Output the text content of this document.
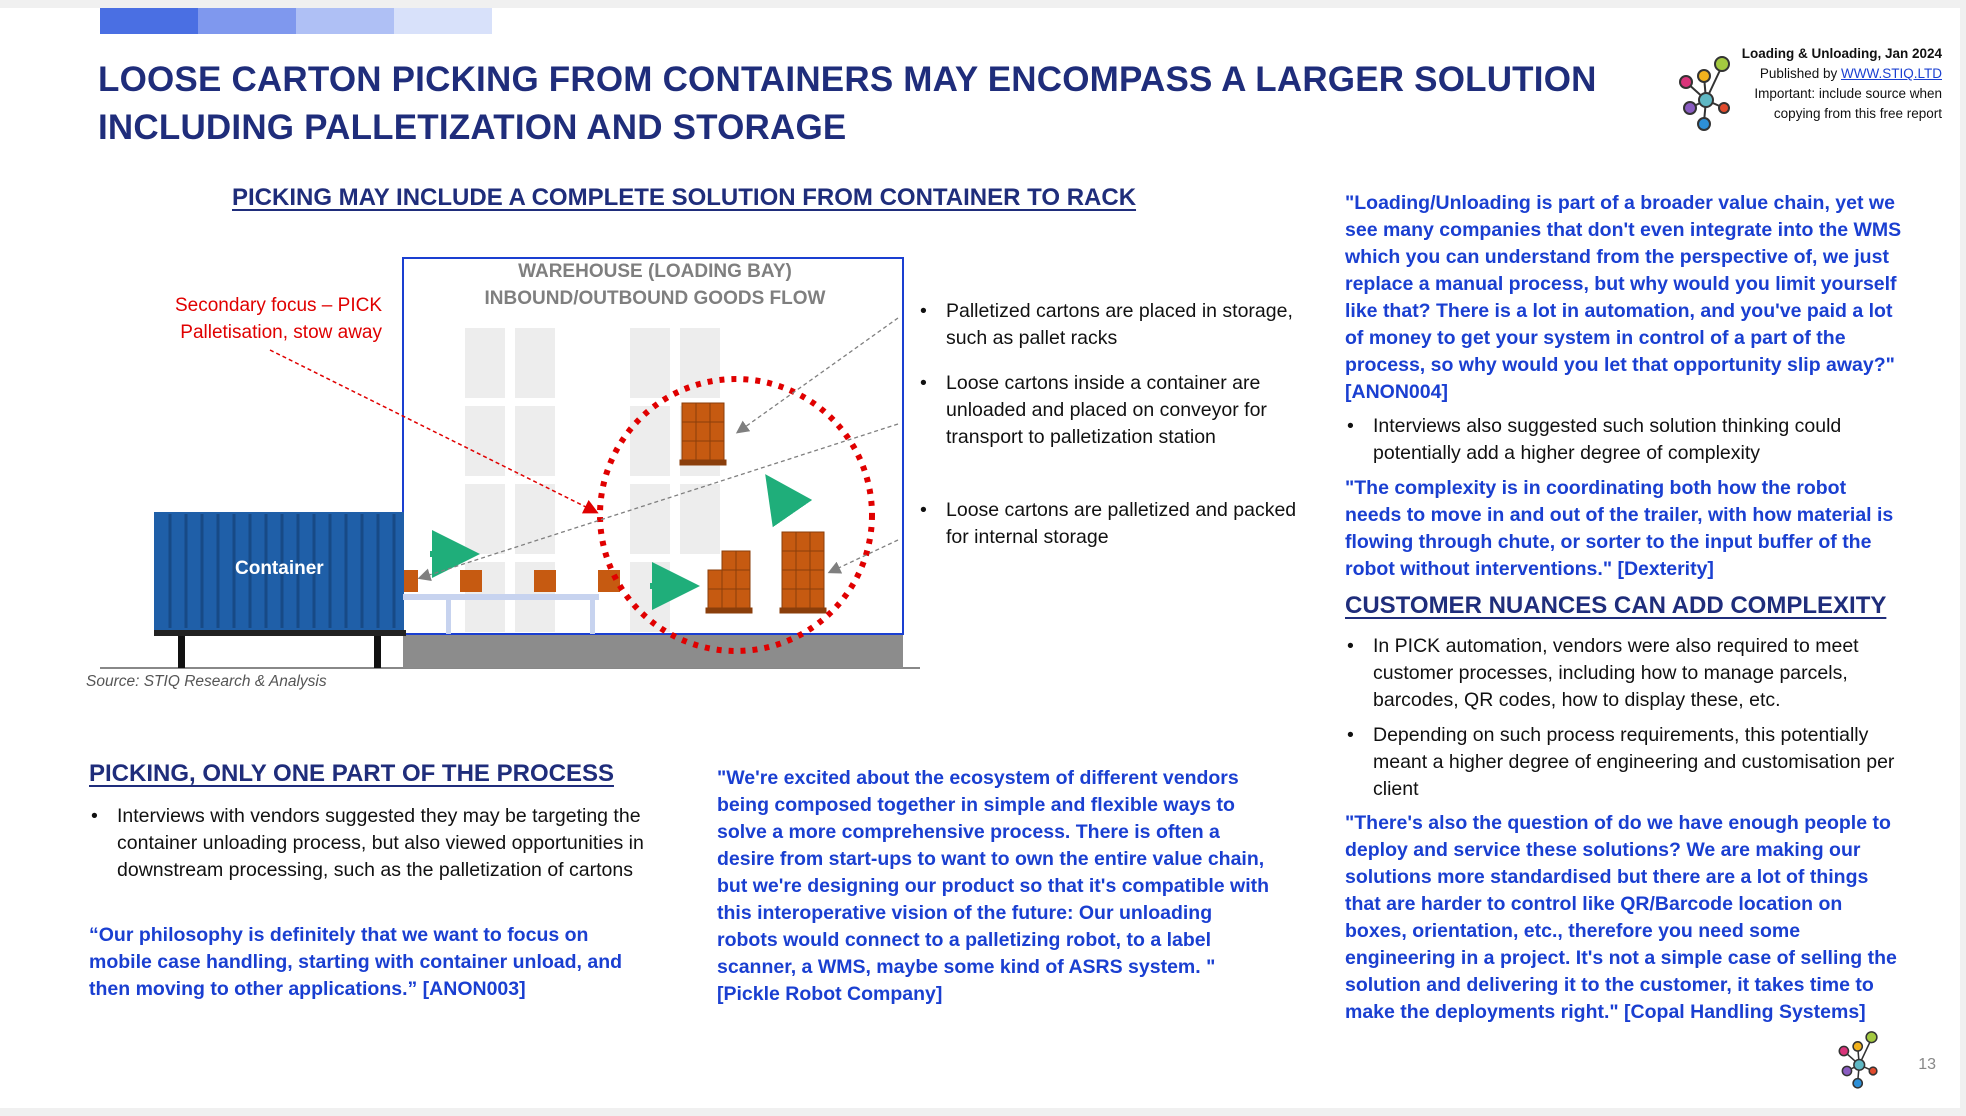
LOOSE CARTON PICKING FROM CONTAINERS MAY ENCOMPASS A LARGER SOLUTION
INCLUDING PALLETIZATION AND STORAGE
Loading & Unloading, Jan 2024
Published by WWW.STIQ.LTD
Important: include source when
copying from this free report
PICKING MAY INCLUDE A COMPLETE SOLUTION FROM CONTAINER TO RACK
WAREHOUSE (LOADING BAY)
INBOUND/OUTBOUND GOODS FLOW
Secondary focus – PICK
Palletisation, stow away
Container
• Palletized cartons are placed in storage, such as pallet racks
• Loose cartons inside a container are unloaded and placed on conveyor for transport to palletization station
• Loose cartons are palletized and packed for internal storage
Source: STIQ Research & Analysis
PICKING, ONLY ONE PART OF THE PROCESS
• Interviews with vendors suggested they may be targeting the container unloading process, but also viewed opportunities in downstream processing, such as the palletization of cartons
“Our philosophy is definitely that we want to focus on mobile case handling, starting with container unload, and then moving to other applications.” [ANON003]
"We're excited about the ecosystem of different vendors being composed together in simple and flexible ways to solve a more comprehensive process. There is often a desire from start-ups to want to own the entire value chain, but we're designing our product so that it's compatible with this interoperative vision of the future: Our unloading robots would connect to a palletizing robot, to a label scanner, a WMS, maybe some kind of ASRS system. " [Pickle Robot Company]
"Loading/Unloading is part of a broader value chain, yet we see many companies that don't even integrate into the WMS which you can understand from the perspective of, we just replace a manual process, but why would you limit yourself like that? There is a lot in automation, and you've paid a lot of money to get your system in control of a part of the process, so why would you let that opportunity slip away?" [ANON004]
• Interviews also suggested such solution thinking could potentially add a higher degree of complexity
"The complexity is in coordinating both how the robot needs to move in and out of the trailer, with how material is flowing through chute, or sorter to the input buffer of the robot without interventions." [Dexterity]
CUSTOMER NUANCES CAN ADD COMPLEXITY
• In PICK automation, vendors were also required to meet customer processes, including how to manage parcels, barcodes, QR codes, how to display these, etc.
• Depending on such process requirements, this potentially meant a higher degree of engineering and customisation per client
"There's also the question of do we have enough people to deploy and service these solutions? We are making our solutions more standardised but there are a lot of things that are harder to control like QR/Barcode location on boxes, orientation, etc., therefore you need some engineering in a project. It's not a simple case of selling the solution and delivering it to the customer, it takes time to make the deployments right." [Copal Handling Systems]
13
